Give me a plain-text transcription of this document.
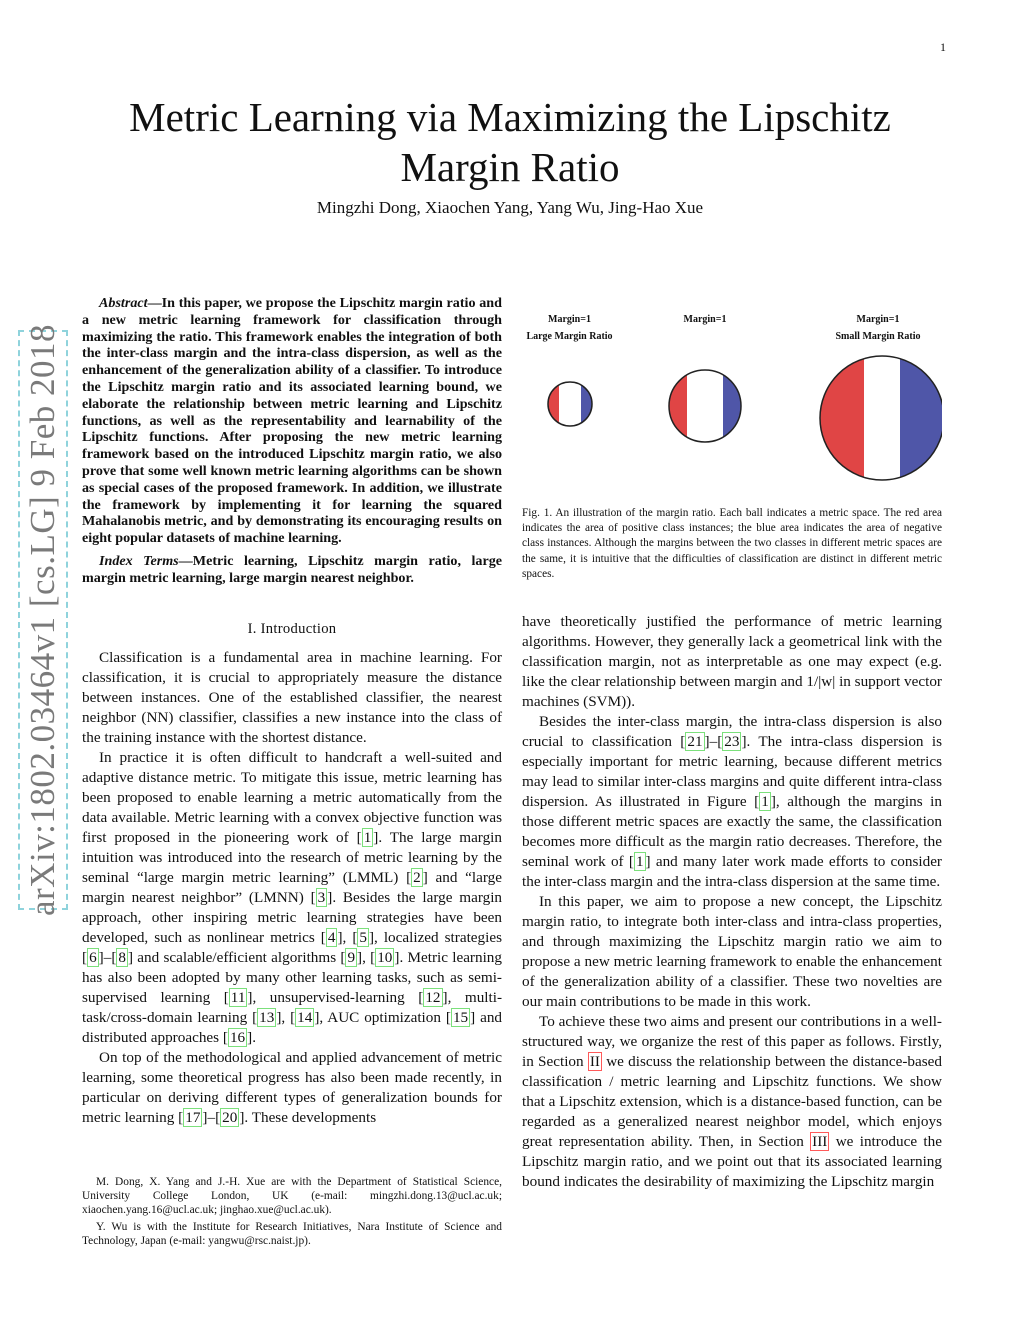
1
arXiv:1802.03464v1 [cs.LG] 9 Feb 2018
Metric Learning via Maximizing the Lipschitz
Margin Ratio
Mingzhi Dong, Xiaochen Yang, Yang Wu, Jing-Hao Xue

Abstract—In this paper, we propose the Lipschitz margin ratio and a new metric learning framework for classification through maximizing the ratio. This framework enables the integration of both the inter-class margin and the intra-class dispersion, as well as the enhancement of the generalization ability of a classifier. To introduce the Lipschitz margin ratio and its associated learning bound, we elaborate the relationship between metric learning and Lipschitz functions, as well as the representability and learnability of the Lipschitz functions. After proposing the new metric learning framework based on the introduced Lipschitz margin ratio, we also prove that some well known metric learning algorithms can be shown as special cases of the proposed framework. In addition, we illustrate the framework by implementing it for learning the squared Mahalanobis metric, and by demonstrating its encouraging results on eight popular datasets of machine learning.

Index Terms—Metric learning, Lipschitz margin ratio, large margin metric learning, large margin nearest neighbor.

I. Introduction

Classification is a fundamental area in machine learning. For classification, it is crucial to appropriately measure the distance between instances. One of the established classifier, the nearest neighbor (NN) classifier, classifies a new instance into the class of the training instance with the shortest distance.

In practice it is often difficult to handcraft a well-suited and adaptive distance metric. To mitigate this issue, metric learning has been proposed to enable learning a metric automatically from the data available. Metric learning with a convex objective function was first proposed in the pioneering work of [ 1 ]. The large margin intuition was introduced into the research of metric learning by the seminal “large margin metric learning” (LMML) [ 2 ] and “large margin nearest neighbor” (LMNN) [ 3 ]. Besides the large margin approach, other inspiring metric learning strategies have been developed, such as nonlinear metrics [ 4 ], [ 5 ], localized strategies [ 6 ]–[ 8 ] and scalable/efficient algorithms [ 9 ], [ 10 ]. Metric learning has also been adopted by many other learning tasks, such as semi-supervised learning [ 11 ], unsupervised-learning [ 12 ], multi-task/cross-domain learning [ 13 ], [ 14 ], AUC optimization [ 15 ] and distributed approaches [ 16 ].

On top of the methodological and applied advancement of metric learning, some theoretical progress has also been made recently, in particular on deriving different types of generalization bounds for metric learning [ 17 ]–[ 20 ]. These developments

M. Dong, X. Yang and J.-H. Xue are with the Department of Statistical Science, University College London, UK (e-mail: mingzhi.dong.13@ucl.ac.uk; xiaochen.yang.16@ucl.ac.uk; jinghao.xue@ucl.ac.uk).

Y. Wu is with the Institute for Research Initiatives, Nara Institute of Science and Technology, Japan (e-mail: yangwu@rsc.naist.jp).

Margin=1
Large Margin Ratio
Margin=1	Margin=1
Small Margin Ratio

Fig. 1. An illustration of the margin ratio. Each ball indicates a metric space. The red area indicates the area of positive class instances; the blue area indicates the area of negative class instances. Although the margins between the two classes in different metric spaces are the same, it is intuitive that the difficulties of classification are distinct in different metric spaces.

have theoretically justified the performance of metric learning algorithms. However, they generally lack a geometrical link with the classification margin, not as interpretable as one may expect (e.g. like the clear relationship between margin and 1/|w| in support vector machines (SVM)).

Besides the inter-class margin, the intra-class dispersion is also crucial to classification [ 21 ]–[ 23 ]. The intra-class dispersion is especially important for metric learning, because different metrics may lead to similar inter-class margins and quite different intra-class dispersion. As illustrated in Figure [ 1 ], although the margins in those different metric spaces are exactly the same, the classification becomes more difficult as the margin ratio decreases. Therefore, the seminal work of [ 1 ] and many later work made efforts to consider the inter-class margin and the intra-class dispersion at the same time.

In this paper, we aim to propose a new concept, the Lipschitz margin ratio, to integrate both inter-class and intra-class properties, and through maximizing the Lipschitz margin ratio we aim to propose a new metric learning framework to enable the enhancement of the generalization ability of a classifier. These two novelties are our main contributions to be made in this work.

To achieve these two aims and present our contributions in a well-structured way, we organize the rest of this paper as follows. Firstly, in Section II we discuss the relationship between the distance-based classification / metric learning and Lipschitz functions. We show that a Lipschitz extension, which is a distance-based function, can be regarded as a generalized nearest neighbor model, which enjoys great representation ability. Then, in Section III we introduce the Lipschitz margin ratio, and we point out that its associated learning bound indicates the desirability of maximizing the Lipschitz margin
